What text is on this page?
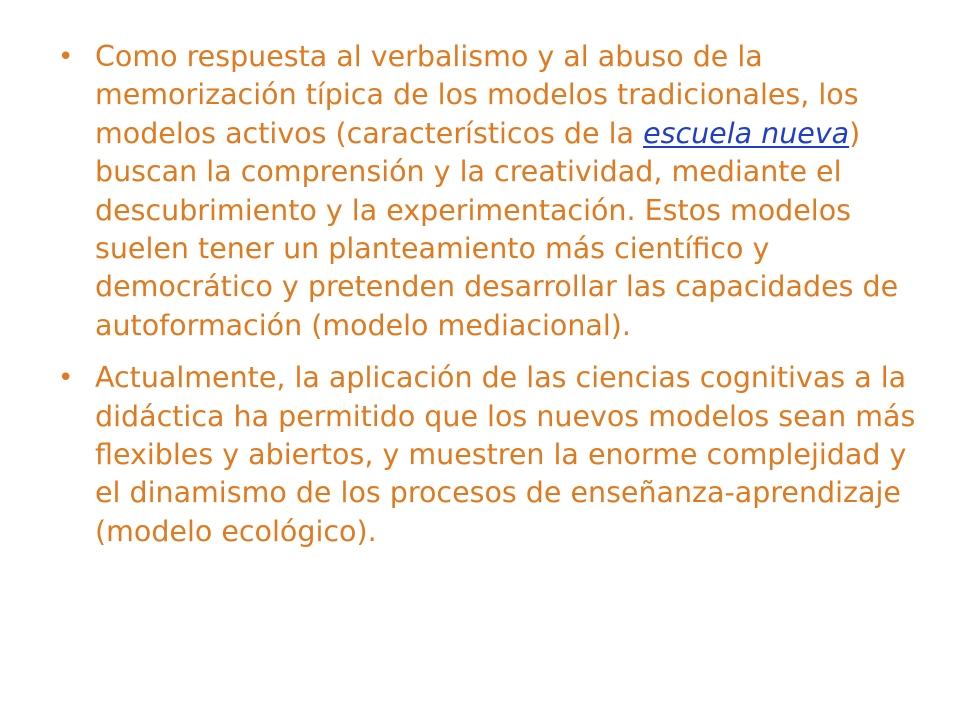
• Como respuesta al verbalismo y al abuso de la memorización típica de los modelos tradicionales, los modelos activos (característicos de la escuela nueva) buscan la comprensión y la creatividad, mediante el descubrimiento y la experimentación. Estos modelos suelen tener un planteamiento más científico y democrático y pretenden desarrollar las capacidades de autoformación (modelo mediacional).
• Actualmente, la aplicación de las ciencias cognitivas a la didáctica ha permitido que los nuevos modelos sean más flexibles y abiertos, y muestren la enorme complejidad y el dinamismo de los procesos de enseñanza-aprendizaje (modelo ecológico).
